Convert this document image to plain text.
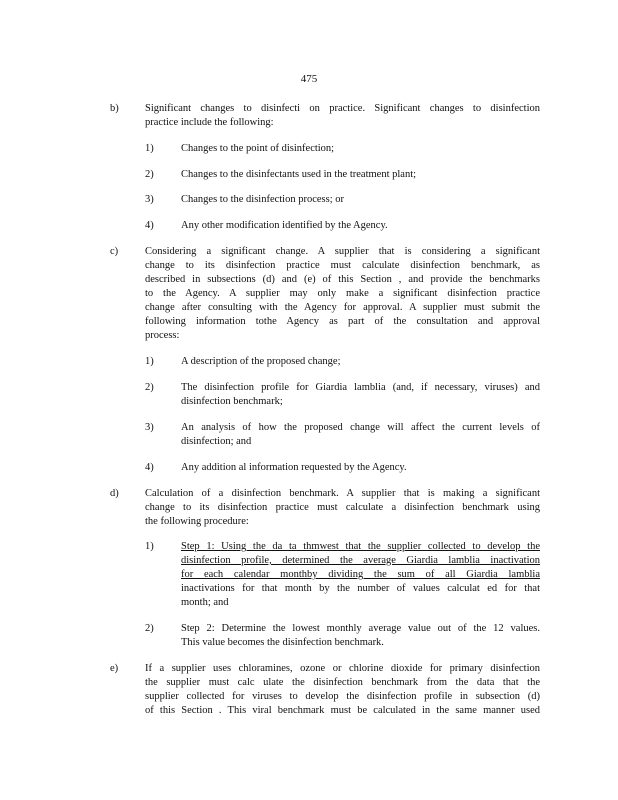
475
b)	Significant changes to disinfecti on practice. Significant changes to disinfection
practice include the following:
1)	Changes to the point of disinfection;
2)	Changes to the disinfectants used in the treatment plant;
3)	Changes to the disinfection process; or
4)	Any other modification identified by the Agency.
c)	Considering a significant change. A supplier that is considering a significant
change to its disinfection practice must calculate disinfection benchmark, as
described in subsections (d) and (e) of this Section , and provide the benchmarks
to the Agency. A supplier may only make a significant disinfection practice
change after consulting with the Agency for approval. A supplier must submit the
following information tothe Agency as part of the consultation and approval
process:
1)	A description of the proposed change;
2)	The disinfection profile for Giardia lamblia (and, if necessary, viruses) and
disinfection benchmark;
3)	An analysis of how the proposed change will affect the current levels of
disinfection; and
4)	Any addition al information requested by the Agency.
d)	Calculation of a disinfection benchmark. A supplier that is making a significant
change to its disinfection practice must calculate a disinfection benchmark using
the following procedure:
1)	Step 1: Using the da ta thmwest that the supplier collected to develop the
disinfection profile, determined the average Giardia lamblia inactivation
for each calendar monthby dividing the sum of all Giardia lamblia
inactivations for that month by the number of values calculat ed for that
month; and
2)	Step 2: Determine the lowest monthly average value out of the 12 values.
This value becomes the disinfection benchmark.
e)	If a supplier uses chloramines, ozone or chlorine dioxide for primary disinfection
the supplier must calc ulate the disinfection benchmark from the data that the
supplier collected for viruses to develop the disinfection profile in subsection (d)
of this Section . This viral benchmark must be calculated in the same manner used
